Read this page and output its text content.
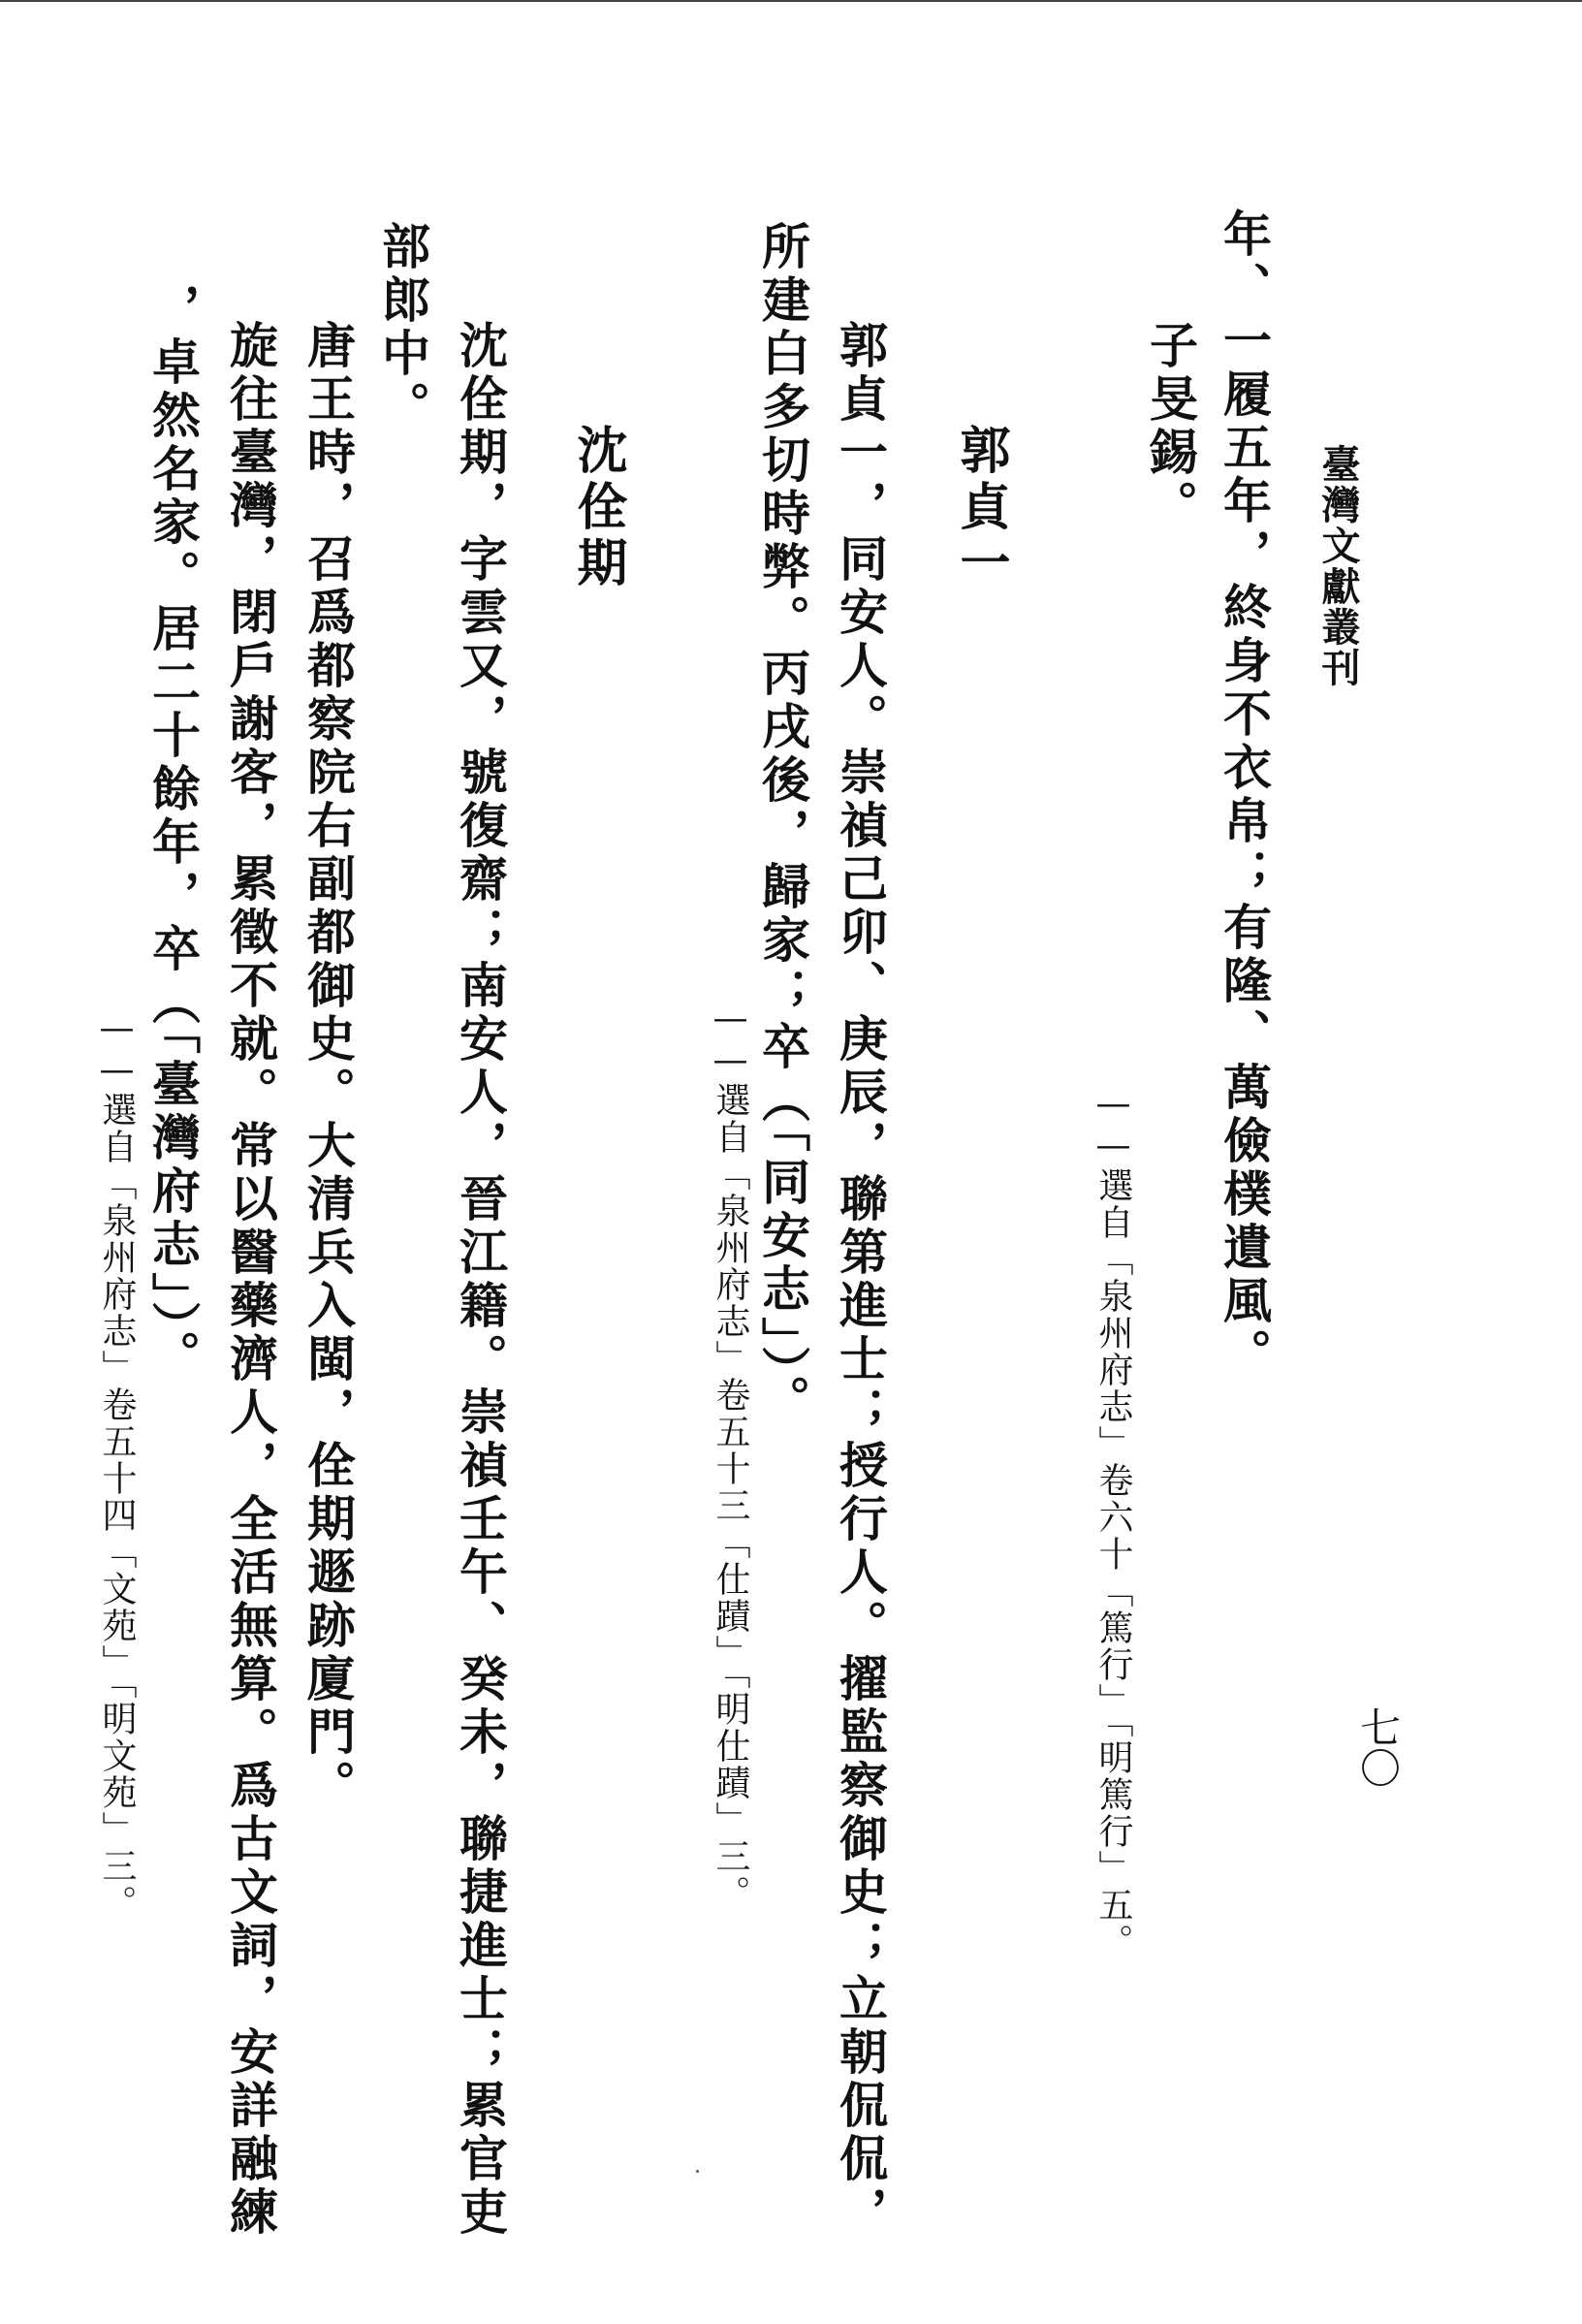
臺灣文獻叢刊
七〇
年、一履五年，終身不衣帛；有隆、萬儉樸遺風。
子旻錫。
——選自「泉州府志」卷六十「篤行」「明篤行」五。
郭貞一
郭貞一，同安人。崇禎己卯、庚辰，聯第進士；授行人。擢監察御史；立朝侃侃，
所建白多切時弊。丙戌後，歸家；卒（「同安志」）。
——選自「泉州府志」卷五十三「仕蹟」「明仕蹟」三。
沈佺期
沈佺期，字雲又，號復齋；南安人，晉江籍。崇禎壬午、癸未，聯捷進士；累官吏
部郎中。
唐王時，召爲都察院右副都御史。大清兵入閩，佺期遯跡廈門。
旋往臺灣，閉戶謝客，累徵不就。常以醫藥濟人，全活無算。爲古文詞，安詳融練
，卓然名家。居二十餘年，卒（「臺灣府志」）。
——選自「泉州府志」卷五十四「文苑」「明文苑」三。
